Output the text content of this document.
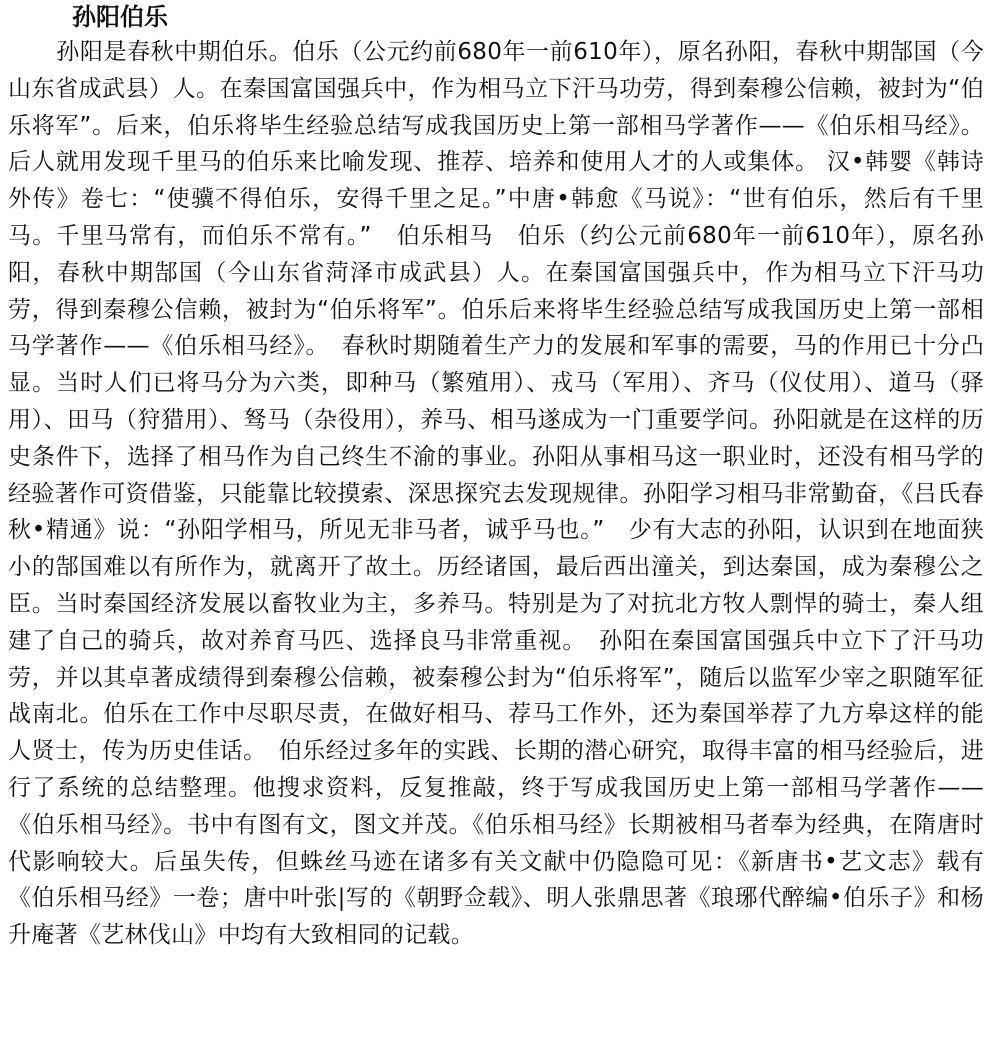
孙阳伯乐

孙阳是春秋中期伯乐。伯乐（公元约前680年一前610年），原名孙阳，春秋中期郜国（今山东省成武县）人。在秦国富国强兵中，作为相马立下汗马功劳，得到秦穆公信赖，被封为“伯乐将军”。后来，伯乐将毕生经验总结写成我国历史上第一部相马学著作——《伯乐相马经》。后人就用发现千里马的伯乐来比喻发现、推荐、培养和使用人才的人或集体。 汉•韩婴《韩诗外传》卷七：“使骥不得伯乐，安得千里之足。”中唐•韩愈《马说》：“世有伯乐，然后有千里马。千里马常有，而伯乐不常有。”　伯乐相马　伯乐（约公元前680年一前610年），原名孙阳，春秋中期郜国（今山东省菏泽市成武县）人。在秦国富国强兵中，作为相马立下汗马功劳，得到秦穆公信赖，被封为“伯乐将军”。伯乐后来将毕生经验总结写成我国历史上第一部相马学著作——《伯乐相马经》。　春秋时期随着生产力的发展和军事的需要，马的作用已十分凸显。当时人们已将马分为六类，即种马（繁殖用）、戎马（军用）、齐马（仪仗用）、道马（驿用）、田马（狩猎用）、驽马（杂役用），养马、相马遂成为一门重要学问。孙阳就是在这样的历史条件下，选择了相马作为自己终生不渝的事业。孙阳从事相马这一职业时，还没有相马学的经验著作可资借鉴，只能靠比较摸索、深思探究去发现规律。孙阳学习相马非常勤奋，《吕氏春秋•精通》说：“孙阳学相马，所见无非马者，诚乎马也。”　少有大志的孙阳，认识到在地面狭小的郜国难以有所作为，就离开了故土。历经诸国，最后西出潼关，到达秦国，成为秦穆公之臣。当时秦国经济发展以畜牧业为主，多养马。特别是为了对抗北方牧人剽悍的骑士，秦人组建了自己的骑兵，故对养育马匹、选择良马非常重视。　孙阳在秦国富国强兵中立下了汗马功劳，并以其卓著成绩得到秦穆公信赖，被秦穆公封为“伯乐将军”，随后以监军少宰之职随军征战南北。伯乐在工作中尽职尽责，在做好相马、荐马工作外，还为秦国举荐了九方皋这样的能人贤士，传为历史佳话。　伯乐经过多年的实践、长期的潜心研究，取得丰富的相马经验后，进行了系统的总结整理。他搜求资料，反复推敲，终于写成我国历史上第一部相马学著作——《伯乐相马经》。书中有图有文，图文并茂。《伯乐相马经》长期被相马者奉为经典，在隋唐时代影响较大。后虽失传，但蛛丝马迹在诸多有关文献中仍隐隐可见：《新唐书•艺文志》载有《伯乐相马经》一卷；唐中叶张|写的《朝野佥载》、明人张鼎思著《琅琊代醉编•伯乐子》和杨升庵著《艺林伐山》中均有大致相同的记载。
